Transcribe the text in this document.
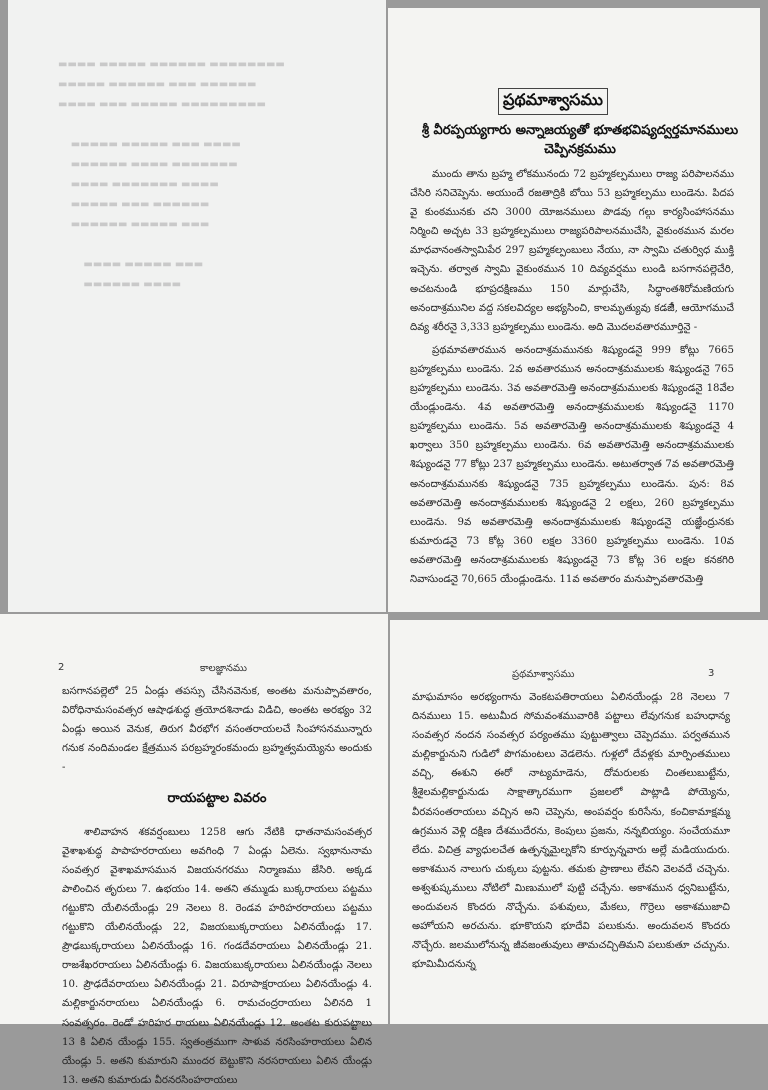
▬▬▬▬ ▬▬▬▬▬ ▬▬▬▬▬▬ ▬▬▬▬▬▬▬▬
▬▬▬▬▬ ▬▬▬▬▬▬ ▬▬▬ ▬▬▬▬▬▬
▬▬▬▬ ▬▬▬ ▬▬▬▬▬ ▬▬▬▬▬▬▬▬▬

▬▬▬▬▬ ▬▬▬▬▬ ▬▬▬ ▬▬▬▬
▬▬▬▬▬▬ ▬▬▬▬ ▬▬▬▬▬▬▬
▬▬▬▬ ▬▬▬▬▬▬▬ ▬▬▬▬
▬▬▬▬▬ ▬▬▬ ▬▬▬▬▬▬
▬▬▬▬▬▬ ▬▬▬▬▬ ▬▬▬

▬▬▬▬ ▬▬▬▬▬ ▬▬▬
▬▬▬▬▬▬ ▬▬▬▬
ప్రథమాశ్వాసము
శ్రీ వీరప్పయ్యగారు అన్నాజయ్యతో భూతభవిష్యద్వర్తమానములు చెప్పినక్రమము

ముందు తాను బ్రహ్మ లోకమునందు 72 బ్రహ్మకల్పములు రాజ్య పరిపాలనము చేసిరి సనిచెప్పెను. అయుందే రజతాద్రికి బోయి 53 బ్రహ్మకల్పము లుండెను. పిదప వై కుంఠమునకు చని 3000 యోజనములు పొడవు గల్గు కార్యసింహాసనము నిర్మించి అచ్చట 33 బ్రహ్మకల్పములు రాజ్యపరిపాలనముచేసి, వైకుంఠమున మరల మాధవానంతస్వామిపేర 297 బ్రహ్మకల్పంబులు నేయు, నా స్వామి చతుర్విధ ముక్తి ఇచ్చెను. తర్వాత స్వామి వైకుంఠమున 10 దివ్యవర్షము లుండి బసగానపల్లెచేరి, అచటనుండి భూప్రదక్షిణము 150 మార్లుచేసి, సిద్ధాంతశిరోమణియగు అనందాశ్రమునిల వద్ద సకలవిద్యల అభ్యసించి, కాలమృత్యువు కడజెీ, ఆయోగముచే దివ్య శరీరనై 3,333 బ్రహ్మకల్పము లుండెను. అది మొదలవతారమూర్తినై -

ప్రథమావతారమున అనందాశ్రమమునకు శిష్యుండనై 999 కోట్లు 7665 బ్రహ్మకల్పము లుండెను. 2వ అవతారమున అనందాశ్రమములకు శిష్యుండనై 765 బ్రహ్మకల్పము లుండెను. 3వ అవతారమెత్తి అనందాశ్రమములకు శిష్యుండనై 18వేల యేండ్లుండెను. 4వ అవతారమెత్తి అనందాశ్రమములకు శిష్యుండనై 1170 బ్రహ్మకల్పము లుండెను. 5వ అవతారమెత్తి అనందాశ్రమములకు శిష్యుండనై 4 ఖర్వాలు 350 బ్రహ్మకల్పము లుండెను. 6వ అవతారమెత్తి అనందాశ్రమములకు శిష్యుండనై 77 కోట్లు 237 బ్రహ్మకల్పము లుండెను. అటుతర్వాత 7వ అవతారమెత్తి అనందాశ్రమమునకు శిష్యుండనై 735 బ్రహ్మకల్పము లుండెను. పున: 8వ అవతారమెత్తి అనందాశ్రమములకు శిష్యుండనై 2 లక్షలు, 260 బ్రహ్మకల్పము లుండెను. 9వ అవతారమెత్తి అనందాశ్రమములకు శిష్యుండనై యజ్ఞేంద్రునకు కుమారుడనై 73 కోట్ల 360 లక్షల 3360 బ్రహ్మకల్పము లుండెను. 10వ అవతారమెత్తి అనందాశ్రమములకు శిష్యుండనై 73 కోట్ల 36 లక్షల కనకగిరి నివాసుండనై 70,665 యేండ్లుండెను. 11వ అవతారం మనుప్పావతారమెత్తి

2	కాలజ్ఞానము

బసగానపల్లెలో 25 ఏండ్లు తపస్సు చేసినవెనుక, అంతట మనుప్పావతారం, విరోధినామసంవత్సర ఆషాఢశుద్ధ త్రయోదశినాడు విడిచి, అంతట అరభ్యం 32 ఏండ్లు అయిన వెనుక, తిరుగ వీరభోగ వసంతరాయలచే సింహాసనమున్నారు గనుక నందిమండల క్షేత్రమున పరబ్రహ్మరంకమందు బ్రహ్మత్వమయ్యెను అందుకు -

రాయపట్టాల వివరం

శాలివాహన శకవర్షంబులు 1258 ఆగు నేటికి ధాతనామసంవత్సర వైశాఖశుద్ధ పాపాహరరాయలు అవగింధి 7 ఏండ్లు ఏలెను. స్వభానునామ సంవత్సర వైశాఖమాసమున విజయనగరము నిర్మాణము జేసిరి. అక్కడ పాలించిన తృరులు 7. ఉభయం 14. అతని తమ్ముడు బుక్కరాయలు పట్టము గట్టుకొని యేలినయేండ్లు 29 నెలలు 8. రెండవ హరిహరరాయలు పట్టము గట్టుకొని యేలినయేండ్లు 22, విజయబుక్కరాయలు ఏలినయేండ్లు 17. ప్రౌఢబుక్కరాయలు ఏలినయేండ్లు 16. గండదేవరాయలు ఏలినయేండ్లు 21. రాజశేఖరరాయలు ఏలినయేండ్లు 6. విజయబుక్కరాయలు ఏలినయేండ్లు నెలలు 10. ప్రౌఢదేవరాయలు ఏలినయేండ్లు 21. విరూపాక్షరాయలు ఏలినయేండ్లు 4. మల్లికార్జునరాయలు ఏలినయేండ్లు 6. రామచంద్రరాయలు ఏలినది 1 సంవత్సరం. రెండో హరిహర రాయలు ఏలినయేండ్లు 12. అంతట కురుపట్టాలు 13 కి ఏలిన యేండ్లు 155. స్వతంత్రముగా సాళువ నరసింహరాయలు ఏలిన యేండ్లు 5. అతని కుమారుని ముందర బెట్టుకొని నరసరాయలు ఏలిన యేండ్లు 13. అతని కుమారుడు వీరనరసింహరాయలు

ప్రథమాశ్వాసము	3

మాఘమాసం అరభ్యంగాను వెంకటపతిరాయలు ఏలినయేండ్లు 28 నెలలు 7 దినములు 15. అటుమీద సోమవంశమువారికి పట్టాలు లేవుగనుక బహుధాన్య సంవత్సర నందన సంవత్సర పర్యంతము పుట్టుత్వాలు చెప్పెదము. పర్వతమున మల్లికార్జునుని గుడిలో పొగమంటలు వెడలెను. గుళ్లలో దేవళ్లకు మార్పింతములు వచ్చి, ఈశుని ఈరో నాట్యమాడెను, దోమరులకు చింతలుబుట్టేను, శ్రీశైలమల్లికార్జునుడు సాక్షాత్కారముగా ప్రజలలో పాట్లాడి పోయ్యెను, వీరవసంతరాయలు వచ్చిన అని చెప్పెను, అంపవర్షం కురిసేను, కంచికామాక్షమ్మ ఉగ్రమున వెళ్లి దక్షిణ దేశముదేరను, కెంపులు ప్రజను, నన్నబియ్యం. సంచేయమూ లేదు. విచిత్ర వ్యాధులచేత ఉత్పన్నమైల్నకోని కూర్పున్నవారు అల్లే మడియుదురు. అకాశమున నాలుగు చుక్కలు పుట్టను. తమకు ప్రాణాలు లేవని వెలవదే చచ్చెను. అశ్వశుష్కములు నోటిలో మిణుములో పుట్టి చచ్చేను. అకాశమున ధ్వనిబుట్టేను, అందువలన కొందరు నొచ్చేను. పశువులు, మేకలు, గొర్రెలు అకాశముజాచి అహోయని అరచును. భూకొయని భూదేవి పలుకును. అందువలన కొందరు నొచ్చేరు. జలములోనున్న జీవజంతువులు తామచచ్చితిమని పలుకుతూ చచ్చును. భూమిమీదనున్న
